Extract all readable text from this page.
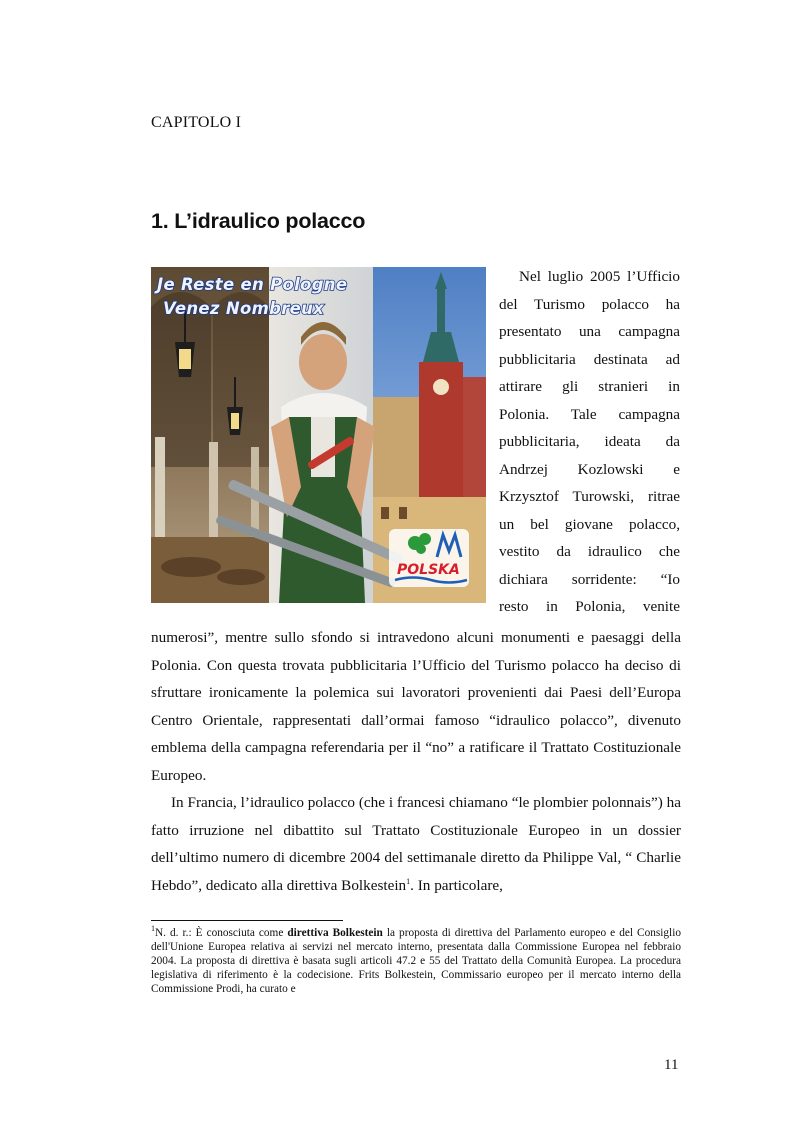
CAPITOLO I
1. L’idraulico polacco
Je Reste en Pologne
Venez Nombreux
POLSKA
Nel luglio 2005 l’Ufficio
del Turismo polacco ha
presentato una campagna
pubblicitaria destinata ad
attirare gli stranieri in
Polonia. Tale campagna
pubblicitaria, ideata da
Andrzej Kozlowski e
Krzysztof Turowski, ritrae
un bel giovane polacco,
vestito da idraulico che
dichiara sorridente: “Io
resto in Polonia, venite

numerosi”, mentre sullo sfondo si intravedono alcuni monumenti e paesaggi della Polonia. Con questa trovata pubblicitaria l’Ufficio del Turismo polacco ha deciso di sfruttare ironicamente la polemica sui lavoratori provenienti dai Paesi dell’Europa Centro Orientale, rappresentati dall’ormai famoso “idraulico polacco”, divenuto emblema della campagna referendaria per il “no” a ratificare il Trattato Costituzionale Europeo.

In Francia, l’idraulico polacco (che i francesi chiamano “le plombier polonnais”) ha fatto irruzione nel dibattito sul Trattato Costituzionale Europeo in un dossier dell’ultimo numero di dicembre 2004 del settimanale diretto da Philippe Val, “ Charlie Hebdo”, dedicato alla direttiva Bolkestein$^1$. In particolare,

$^1$N. d. r.: È conosciuta come direttiva Bolkestein la proposta di direttiva del Parlamento europeo e del Consiglio dell'Unione Europea relativa ai servizi nel mercato interno, presentata dalla Commissione Europea nel febbraio 2004. La proposta di direttiva è basata sugli articoli 47.2 e 55 del Trattato della Comunità Europea. La procedura legislativa di riferimento è la codecisione. Frits Bolkestein, Commissario europeo per il mercato interno della Commissione Prodi, ha curato e

11
